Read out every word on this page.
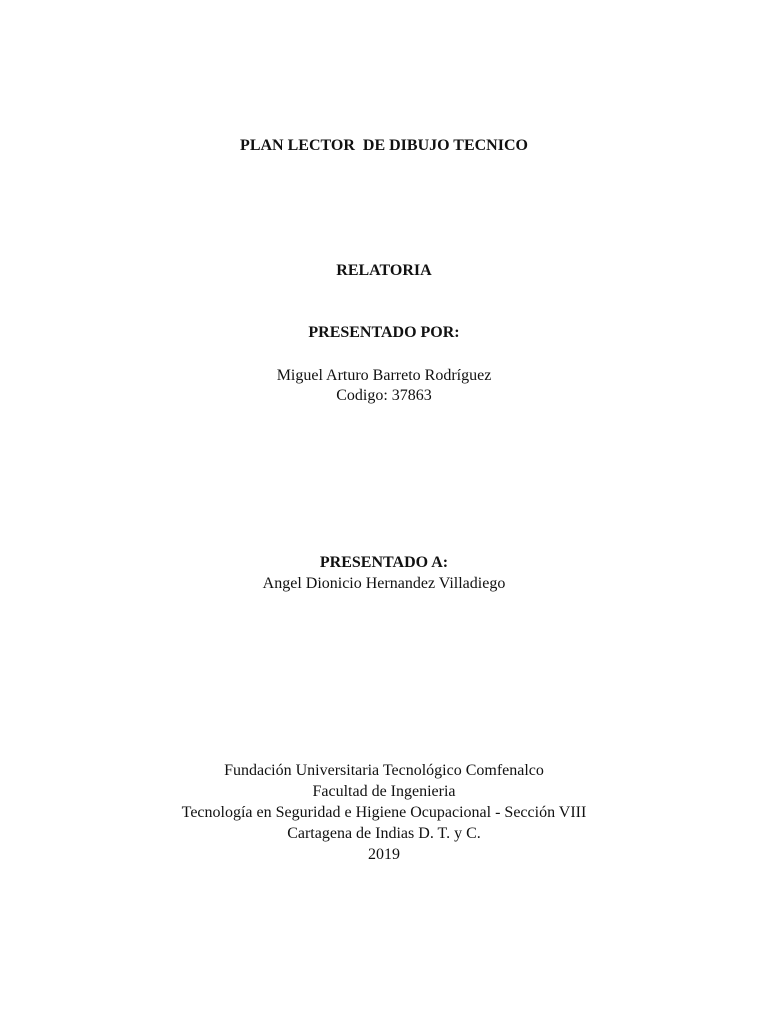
PLAN LECTOR  DE DIBUJO TECNICO
RELATORIA
PRESENTADO POR:
Miguel Arturo Barreto Rodríguez
Codigo: 37863
PRESENTADO A:
Angel Dionicio Hernandez Villadiego
Fundación Universitaria Tecnológico Comfenalco
Facultad de Ingenieria
Tecnología en Seguridad e Higiene Ocupacional - Sección VIII
Cartagena de Indias D. T. y C.
2019
